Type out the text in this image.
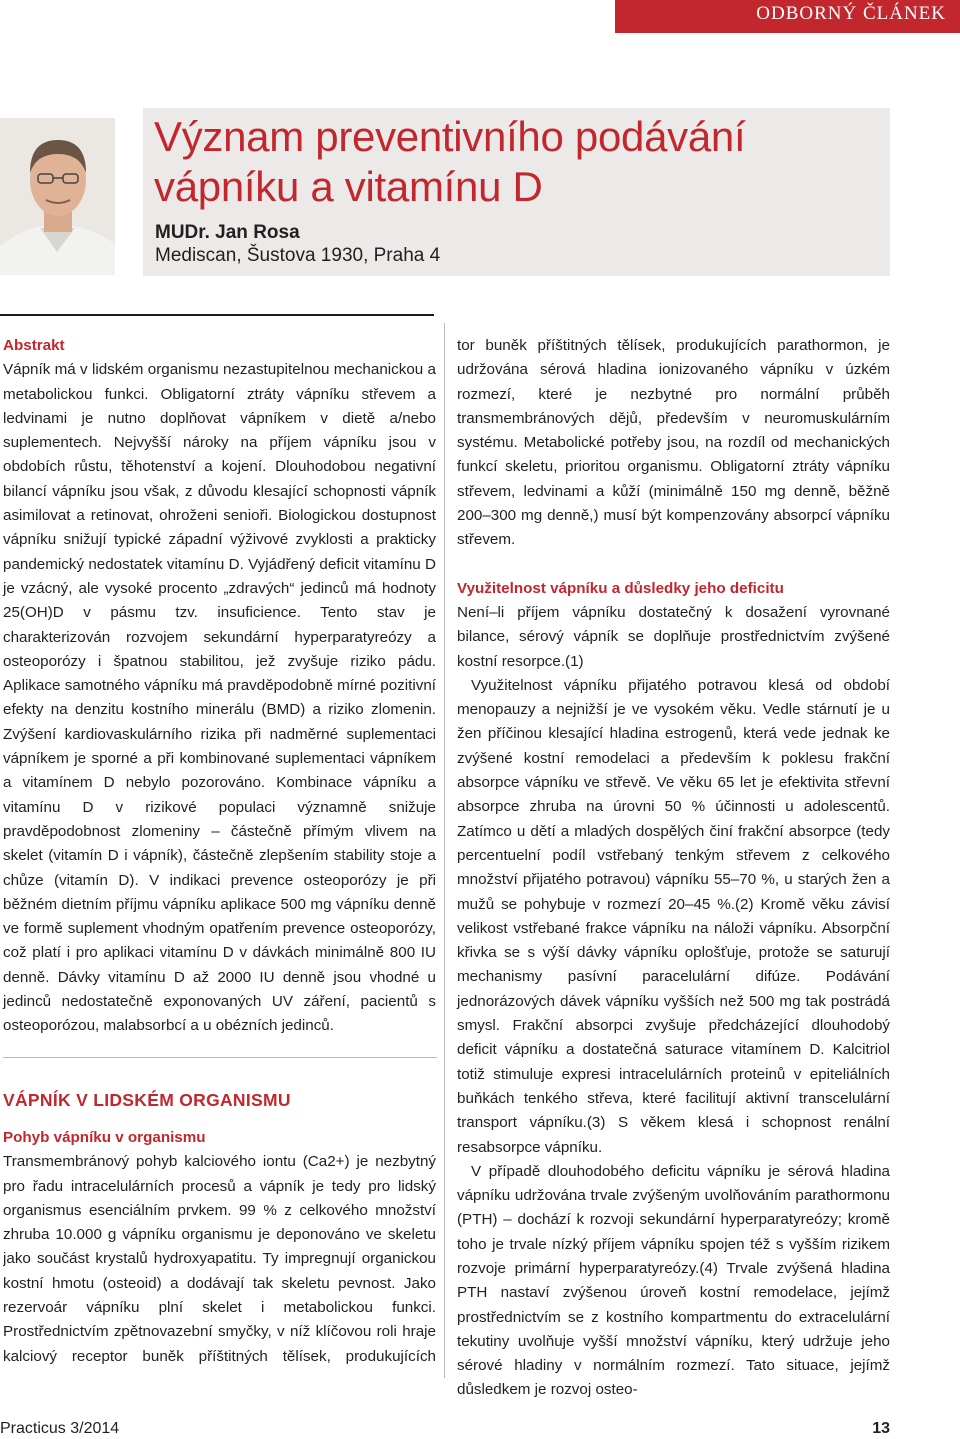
ODBORNÝ ČLÁNEK
Význam preventivního podávání
vápníku a vitamínu D
MUDr. Jan Rosa
Mediscan, Šustova 1930, Praha 4

Abstrakt

Vápník má v lidském organismu nezastupitelnou mechanickou a metabolickou funkci. Obligatorní ztráty vápníku střevem a ledvinami je nutno doplňovat vápníkem v dietě a/nebo suplementech. Nejvyšší nároky na příjem vápníku jsou v obdobích růstu, těhotenství a kojení. Dlouhodobou negativní bilancí vápníku jsou však, z důvodu klesající schopnosti vápník asimilovat a retinovat, ohroženi senioři. Biologickou dostupnost vápníku snižují typické západní výživové zvyklosti a prakticky pandemický nedostatek vitamínu D. Vyjádřený deficit vitamínu D je vzácný, ale vysoké procento „zdravých“ jedinců má hodnoty 25(OH)D v pásmu tzv. insuficience. Tento stav je charakterizován rozvojem sekundární hyperparatyreózy a osteoporózy i špatnou stabilitou, jež zvyšuje riziko pádu. Aplikace samotného vápníku má pravděpodobně mírné pozitivní efekty na denzitu kostního minerálu (BMD) a riziko zlomenin. Zvýšení kardiovaskulárního rizika při nadměrné suplementaci vápníkem je sporné a při kombinované suplementaci vápníkem a vitamínem D nebylo pozorováno. Kombinace vápníku a vitamínu D v rizikové populaci významně snižuje pravděpodobnost zlomeniny – částečně přímým vlivem na skelet (vitamín D i vápník), částečně zlepšením stability stoje a chůze (vitamín D). V indikaci prevence osteoporózy je při běžném dietním příjmu vápníku aplikace 500 mg vápníku denně ve formě suplement vhodným opatřením prevence osteoporózy, což platí i pro aplikaci vitamínu D v dávkách minimálně 800 IU denně. Dávky vitamínu D až 2000 IU denně jsou vhodné u jedinců nedostatečně exponovaných UV záření, pacientů s osteoporózou, malabsorbcí a u obézních jedinců.

VÁPNÍK V LIDSKÉM ORGANISMU

Pohyb vápníku v organismu

Transmembránový pohyb kalciového iontu (Ca2+) je nezbytný pro řadu intracelulárních procesů a vápník je tedy pro lidský organismus esenciálním prvkem. 99 % z celkového množství zhruba 10.000 g vápníku organismu je deponováno ve skeletu jako součást krystalů hydroxyapatitu. Ty impregnují organickou kostní hmotu (osteoid) a dodávají tak skeletu pevnost. Jako rezervoár vápníku plní skelet i metabolickou funkci. Prostřednictvím zpětnovazební smyčky, v níž klíčovou roli hraje kalciový receptor buněk příštitných tělísek, produkujících

tor buněk příštitných tělísek, produkujících parathormon, je udržována sérová hladina ionizovaného vápníku v úzkém rozmezí, které je nezbytné pro normální průběh transmembránových dějů, především v neuromuskulárním systému. Metabolické potřeby jsou, na rozdíl od mechanických funkcí skeletu, prioritou organismu. Obligatorní ztráty vápníku střevem, ledvinami a kůží (minimálně 150 mg denně, běžně 200–300 mg denně,) musí být kompenzovány absorpcí vápníku střevem.

Využitelnost vápníku a důsledky jeho deficitu

Není–li příjem vápníku dostatečný k dosažení vyrovnané bilance, sérový vápník se doplňuje prostřednictvím zvýšené kostní resorpce.(1)

Využitelnost vápníku přijatého potravou klesá od období menopauzy a nejnižší je ve vysokém věku. Vedle stárnutí je u žen příčinou klesající hladina estrogenů, která vede jednak ke zvýšené kostní remodelaci a především k poklesu frakční absorpce vápníku ve střevě. Ve věku 65 let je efektivita střevní absorpce zhruba na úrovni 50 % účinnosti u adolescentů. Zatímco u dětí a mladých dospělých činí frakční absorpce (tedy percentuelní podíl vstřebaný tenkým střevem z celkového množství přijatého potravou) vápníku 55–70 %, u starých žen a mužů se pohybuje v rozmezí 20–45 %.(2) Kromě věku závisí velikost vstřebané frakce vápníku na náloži vápníku. Absorpční křivka se s výší dávky vápníku oplošťuje, protože se saturují mechanismy pasívní paracelulární difúze. Podávání jednorázových dávek vápníku vyšších než 500 mg tak postrádá smysl. Frakční absorpci zvyšuje předcházející dlouhodobý deficit vápníku a dostatečná saturace vitamínem D. Kalcitriol totiž stimuluje expresi intracelulárních proteinů v epiteliálních buňkách tenkého střeva, které facilitují aktivní transcelulární transport vápníku.(3) S věkem klesá i schopnost renální resabsorpce vápníku.

V případě dlouhodobého deficitu vápníku je sérová hladina vápníku udržována trvale zvýšeným uvolňováním parathormonu (PTH) – dochází k rozvoji sekundární hyperparatyreózy; kromě toho je trvale nízký příjem vápníku spojen též s vyšším rizikem rozvoje primární hyperparatyreózy.(4) Trvale zvýšená hladina PTH nastaví zvýšenou úroveň kostní remodelace, jejímž prostřednictvím se z kostního kompartmentu do extracelulární tekutiny uvolňuje vyšší množství vápníku, který udržuje jeho sérové hladiny v normálním rozmezí. Tato situace, jejímž důsledkem je rozvoj osteo-

Practicus 3/2014	13
